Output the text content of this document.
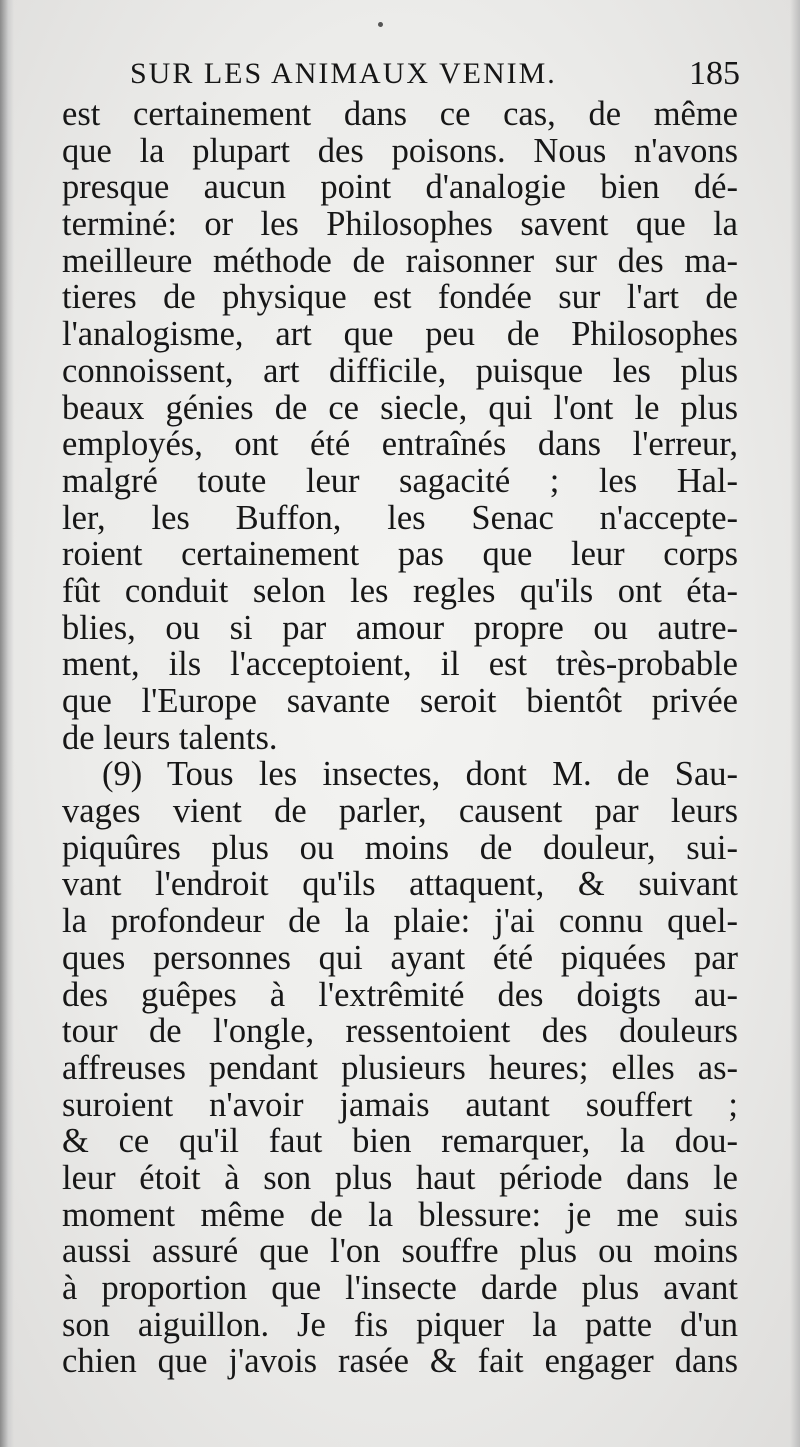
SUR LES ANIMAUX VENIM.	185
est certainement dans ce cas, de même
que la plupart des poisons. Nous n'avons
presque aucun point d'analogie bien dé-
terminé: or les Philosophes savent que la
meilleure méthode de raisonner sur des ma-
tieres de physique est fondée sur l'art de
l'analogisme, art que peu de Philosophes
connoissent, art difficile, puisque les plus
beaux génies de ce siecle, qui l'ont le plus
employés, ont été entraînés dans l'erreur,
malgré toute leur sagacité ; les Hal-
ler, les Buffon, les Senac n'accepte-
roient certainement pas que leur corps
fût conduit selon les regles qu'ils ont éta-
blies, ou si par amour propre ou autre-
ment, ils l'acceptoient, il est très-probable
que l'Europe savante seroit bientôt privée
de leurs talents.
(9) Tous les insectes, dont M. de Sau-
vages vient de parler, causent par leurs
piquûres plus ou moins de douleur, sui-
vant l'endroit qu'ils attaquent, & suivant
la profondeur de la plaie: j'ai connu quel-
ques personnes qui ayant été piquées par
des guêpes à l'extrêmité des doigts au-
tour de l'ongle, ressentoient des douleurs
affreuses pendant plusieurs heures; elles as-
suroient n'avoir jamais autant souffert ;
& ce qu'il faut bien remarquer, la dou-
leur étoit à son plus haut période dans le
moment même de la blessure: je me suis
aussi assuré que l'on souffre plus ou moins
à proportion que l'insecte darde plus avant
son aiguillon. Je fis piquer la patte d'un
chien que j'avois rasée & fait engager dans
